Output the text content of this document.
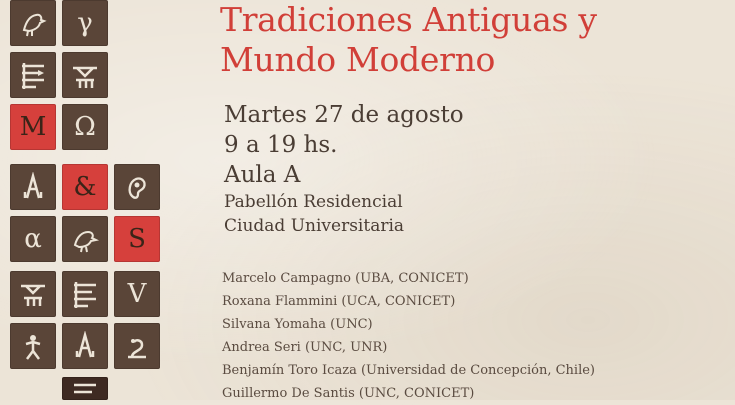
γ
M Ω
&
α	S
V
Tradiciones Antiguas y
Mundo Moderno
Martes 27 de agosto
9 a 19 hs.
Aula A
Pabellón Residencial
Ciudad Universitaria
Marcelo Campagno (UBA, CONICET)
Roxana Flammini (UCA, CONICET)
Silvana Yomaha (UNC)
Andrea Seri (UNC, UNR)
Benjamín Toro Icaza (Universidad de Concepción, Chile)
Guillermo De Santis (UNC, CONICET)
